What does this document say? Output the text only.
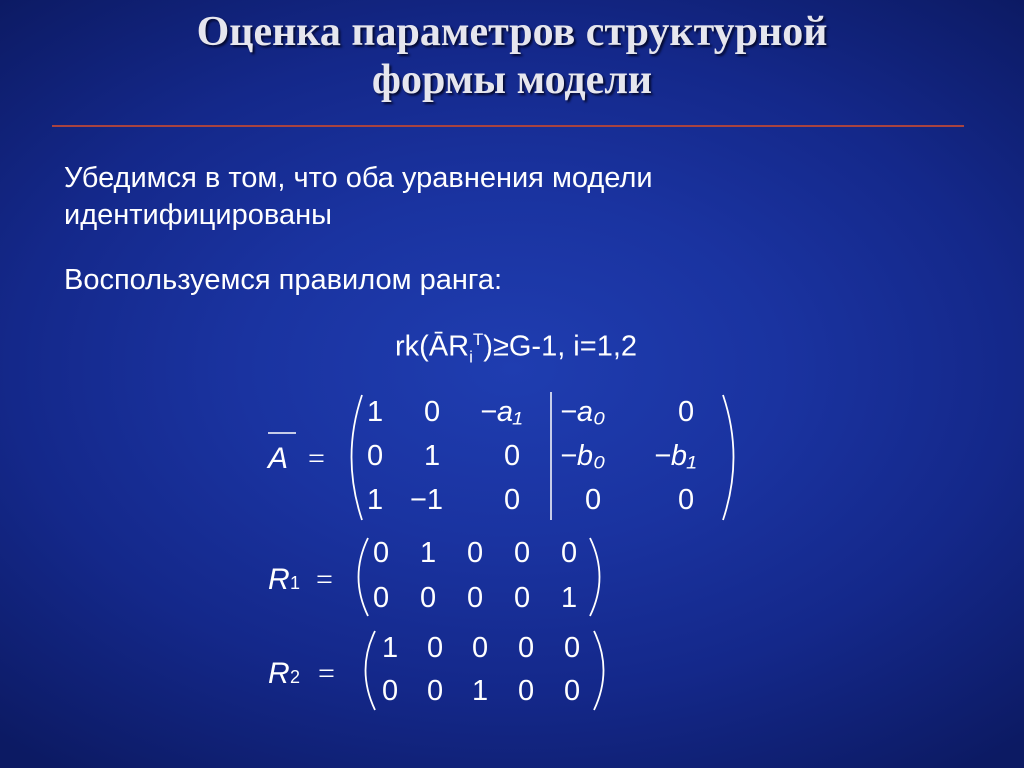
Оценка параметров структурной
формы модели
Убедимся в том, что оба уравнения модели
идентифицированы
Воспользуемся правилом ранга:
$rk(ĀR_i^T)\ge G-1$, i=1,2
A =
1 0 −a₁ −a₀	0
0 1 0 −b₀ −b₁
1 −1 0 0	0
R 1 =
0 1 0 0 0
0 0 0 0 1
R 2 =
1 0 0 0 0
0 0 1 0 0
